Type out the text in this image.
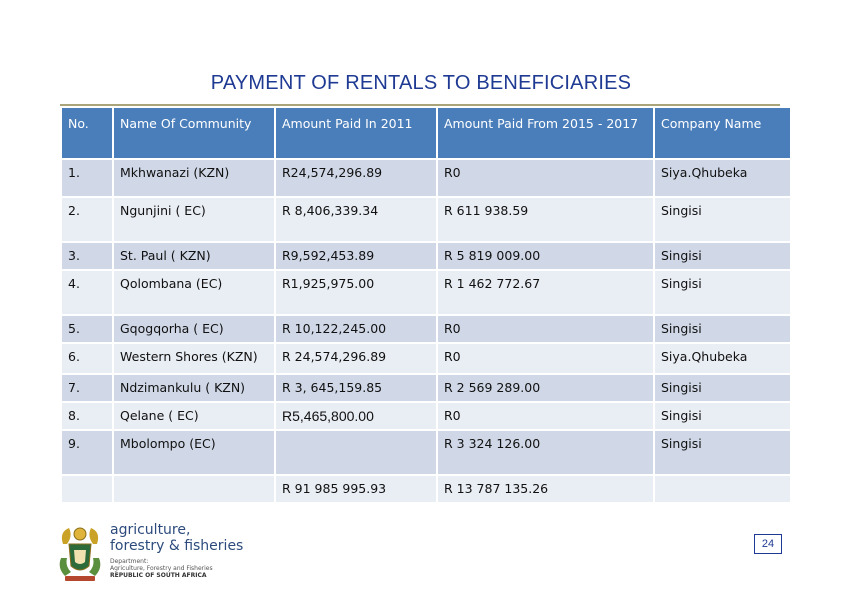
PAYMENT OF RENTALS TO BENEFICIARIES
No.	Name Of Community	Amount Paid In 2011	Amount Paid From 2015 - 2017	Company Name
1.	Mkhwanazi (KZN)	R24,574,296.89	R0	Siya.Qhubeka
2.	Ngunjini ( EC)	R 8,406,339.34	R 611 938.59	Singisi
3.	St. Paul ( KZN)	R9,592,453.89	R 5 819 009.00	Singisi
4.	Qolombana (EC)	R1,925,975.00	R 1 462 772.67	Singisi
5.	Gqogqorha ( EC)	R 10,122,245.00	R0	Singisi
6.	Western Shores (KZN)	R 24,574,296.89	R0	Siya.Qhubeka
7.	Ndzimankulu ( KZN)	R 3, 645,159.85	R 2 569 289.00	Singisi
8.	Qelane ( EC)	R5,465,800.00	R0	Singisi
9.	Mbolompo (EC)		R 3 324 126.00	Singisi
		R 91 985 995.93	R 13 787 135.26	
agriculture,
forestry & fisheries
Department:
Agriculture, Forestry and Fisheries
REPUBLIC OF SOUTH AFRICA
24
